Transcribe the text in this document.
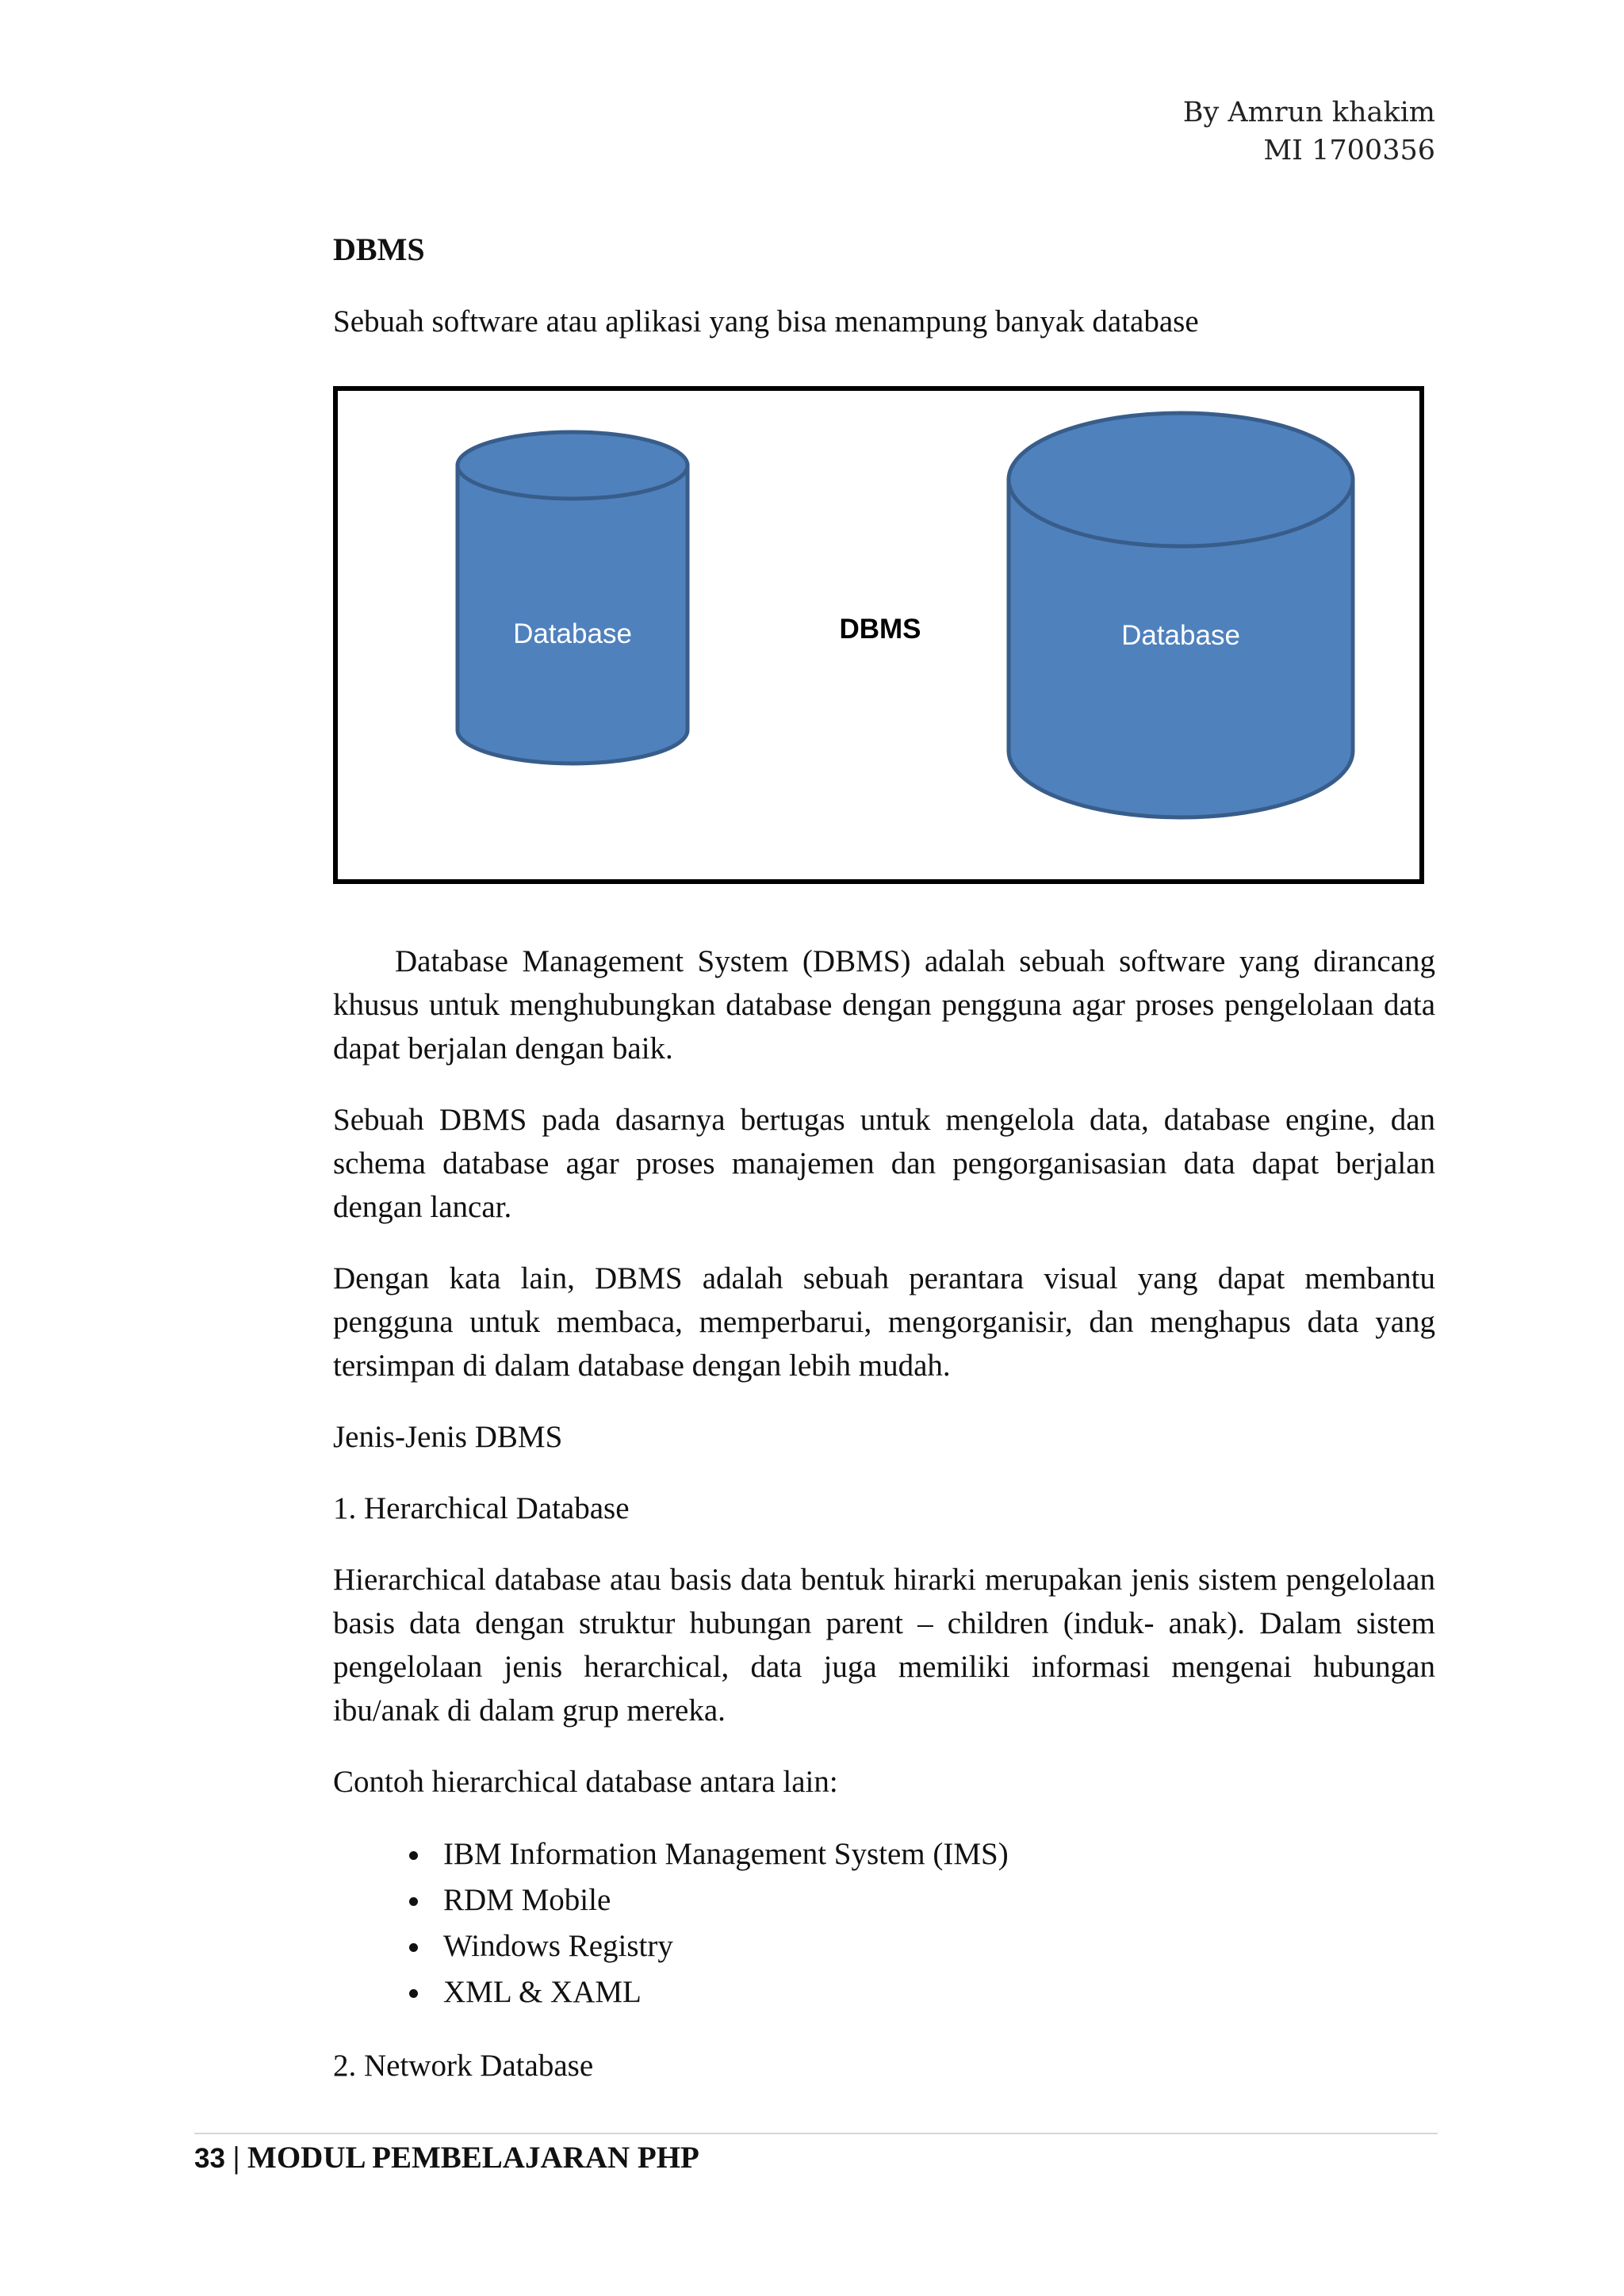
By Amrun khakim
MI 1700356
DBMS

Sebuah software atau aplikasi yang bisa menampung banyak database

Database	DBMS	Database

Database Management System (DBMS) adalah sebuah software yang dirancang khusus untuk menghubungkan database dengan pengguna agar proses pengelolaan data dapat berjalan dengan baik.

Sebuah DBMS pada dasarnya bertugas untuk mengelola data, database engine, dan schema database agar proses manajemen dan pengorganisasian data dapat berjalan dengan lancar.

Dengan kata lain, DBMS adalah sebuah perantara visual yang dapat membantu pengguna untuk membaca, memperbarui, mengorganisir, dan menghapus data yang tersimpan di dalam database dengan lebih mudah.

Jenis-Jenis DBMS

1. Herarchical Database

Hierarchical database atau basis data bentuk hirarki merupakan jenis sistem pengelolaan basis data dengan struktur hubungan parent – children (induk- anak). Dalam sistem pengelolaan jenis herarchical, data juga memiliki informasi mengenai hubungan ibu/anak di dalam grup mereka.

Contoh hierarchical database antara lain:

• IBM Information Management System (IMS)
• RDM Mobile
• Windows Registry
• XML & XAML

2. Network Database

33 | MODUL PEMBELAJARAN PHP
